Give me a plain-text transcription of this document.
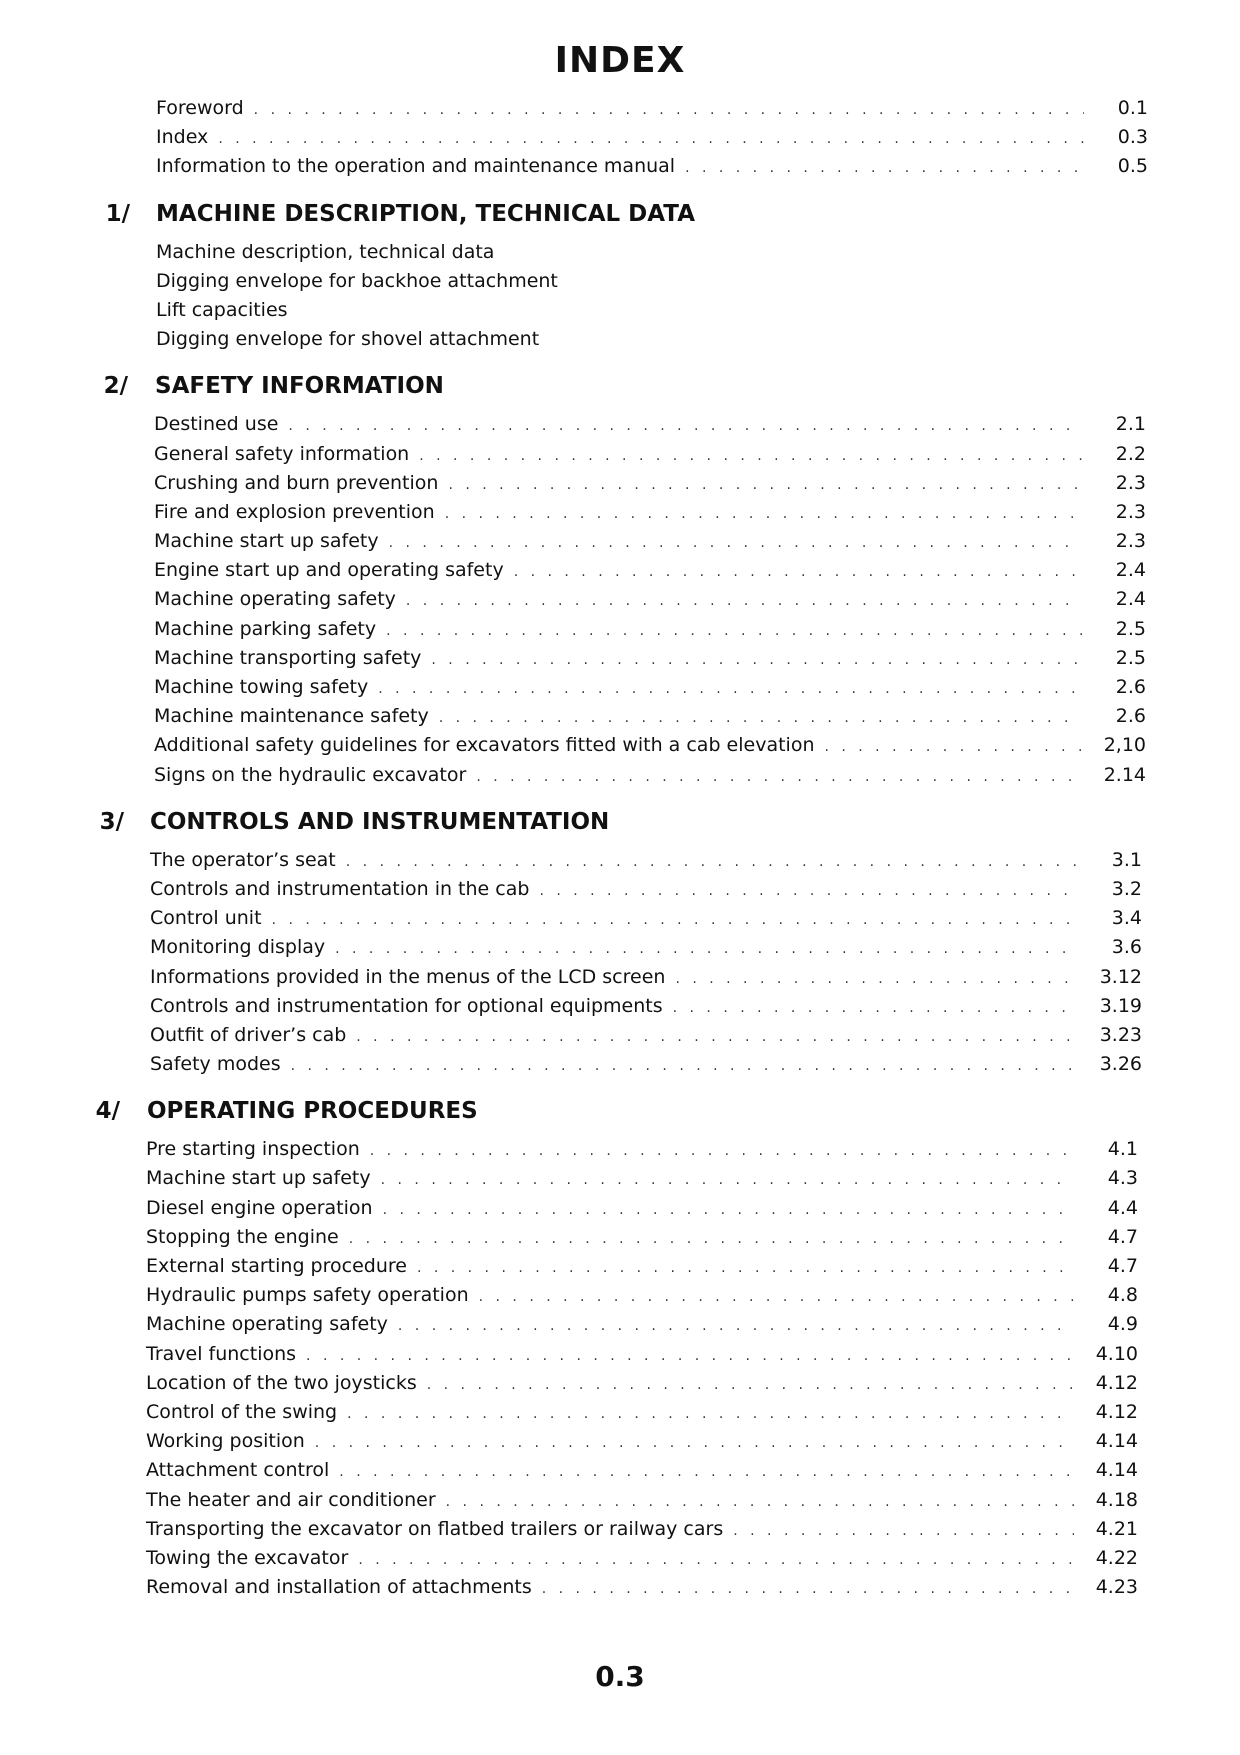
INDEX
Foreword . . .	0.1
Index . . .	0.3
Information to the operation and maintenance manual . . .	0.5
1/ MACHINE DESCRIPTION, TECHNICAL DATA
Machine description, technical data
Digging envelope for backhoe attachment
Lift capacities
Digging envelope for shovel attachment
2/ SAFETY INFORMATION
Destined use . . .	2.1
General safety information . . .	2.2
Crushing and burn prevention . . .	2.3
Fire and explosion prevention . . .	2.3
Machine start up safety . . .	2.3
Engine start up and operating safety . . .	2.4
Machine operating safety . . .	2.4
Machine parking safety . . .	2.5
Machine transporting safety . . .	2.5
Machine towing safety . . .	2.6
Machine maintenance safety . . .	2.6
Additional safety guidelines for excavators fitted with a cab elevation . . .	2,10
Signs on the hydraulic excavator . . .	2.14
3/ CONTROLS AND INSTRUMENTATION
The operator’s seat . . .	3.1
Controls and instrumentation in the cab . . .	3.2
Control unit . . .	3.4
Monitoring display . . .	3.6
Informations provided in the menus of the LCD screen . . .	3.12
Controls and instrumentation for optional equipments . . .	3.19
Outfit of driver’s cab . . .	3.23
Safety modes . . .	3.26
4/ OPERATING PROCEDURES
Pre starting inspection . . .	4.1
Machine start up safety . . .	4.3
Diesel engine operation . . .	4.4
Stopping the engine . . .	4.7
External starting procedure . . .	4.7
Hydraulic pumps safety operation . . .	4.8
Machine operating safety . . .	4.9
Travel functions . . .	4.10
Location of the two joysticks . . .	4.12
Control of the swing . . .	4.12
Working position . . .	4.14
Attachment control . . .	4.14
The heater and air conditioner . . .	4.18
Transporting the excavator on flatbed trailers or railway cars . . .	4.21
Towing the excavator . . .	4.22
Removal and installation of attachments . . .	4.23
0.3
